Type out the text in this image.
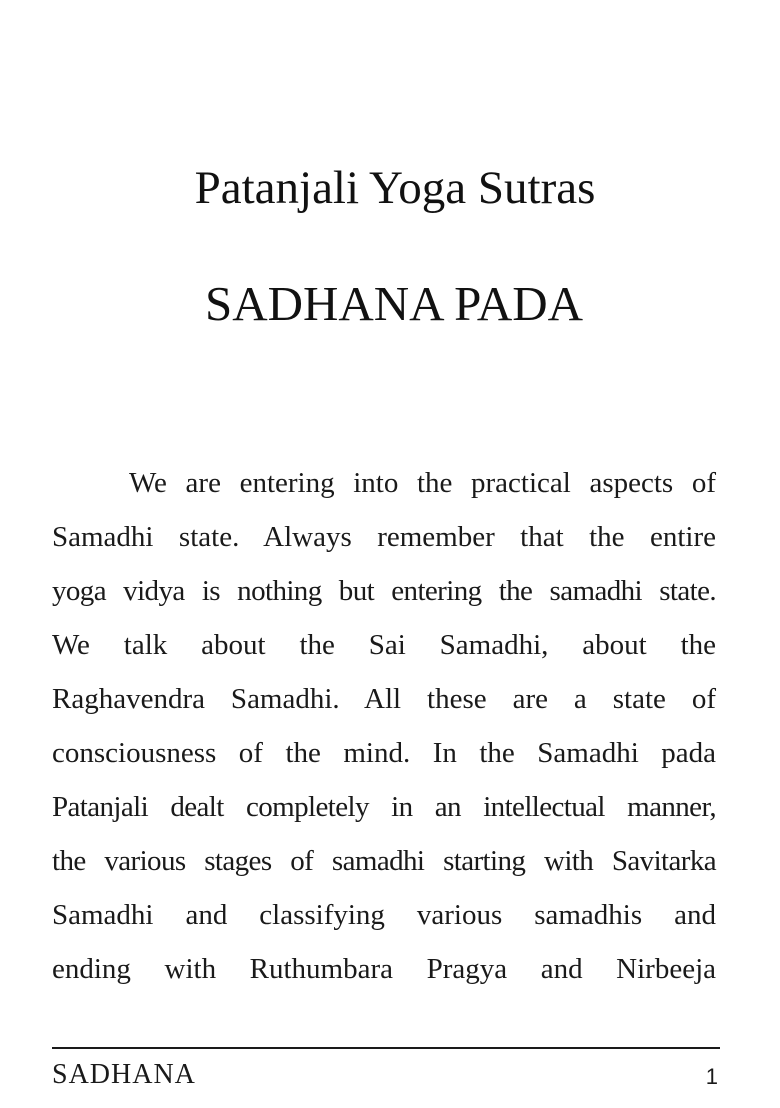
Patanjali Yoga Sutras
SADHANA PADA
We are entering into the practical aspects of
Samadhi state. Always remember that the entire
yoga vidya is nothing but entering the samadhi state.
We talk about the Sai Samadhi, about the
Raghavendra Samadhi. All these are a state of
consciousness of the mind. In the Samadhi pada
Patanjali dealt completely in an intellectual manner,
the various stages of samadhi starting with Savitarka
Samadhi and classifying various samadhis and
ending with Ruthumbara Pragya and Nirbeeja
SADHANA	1
